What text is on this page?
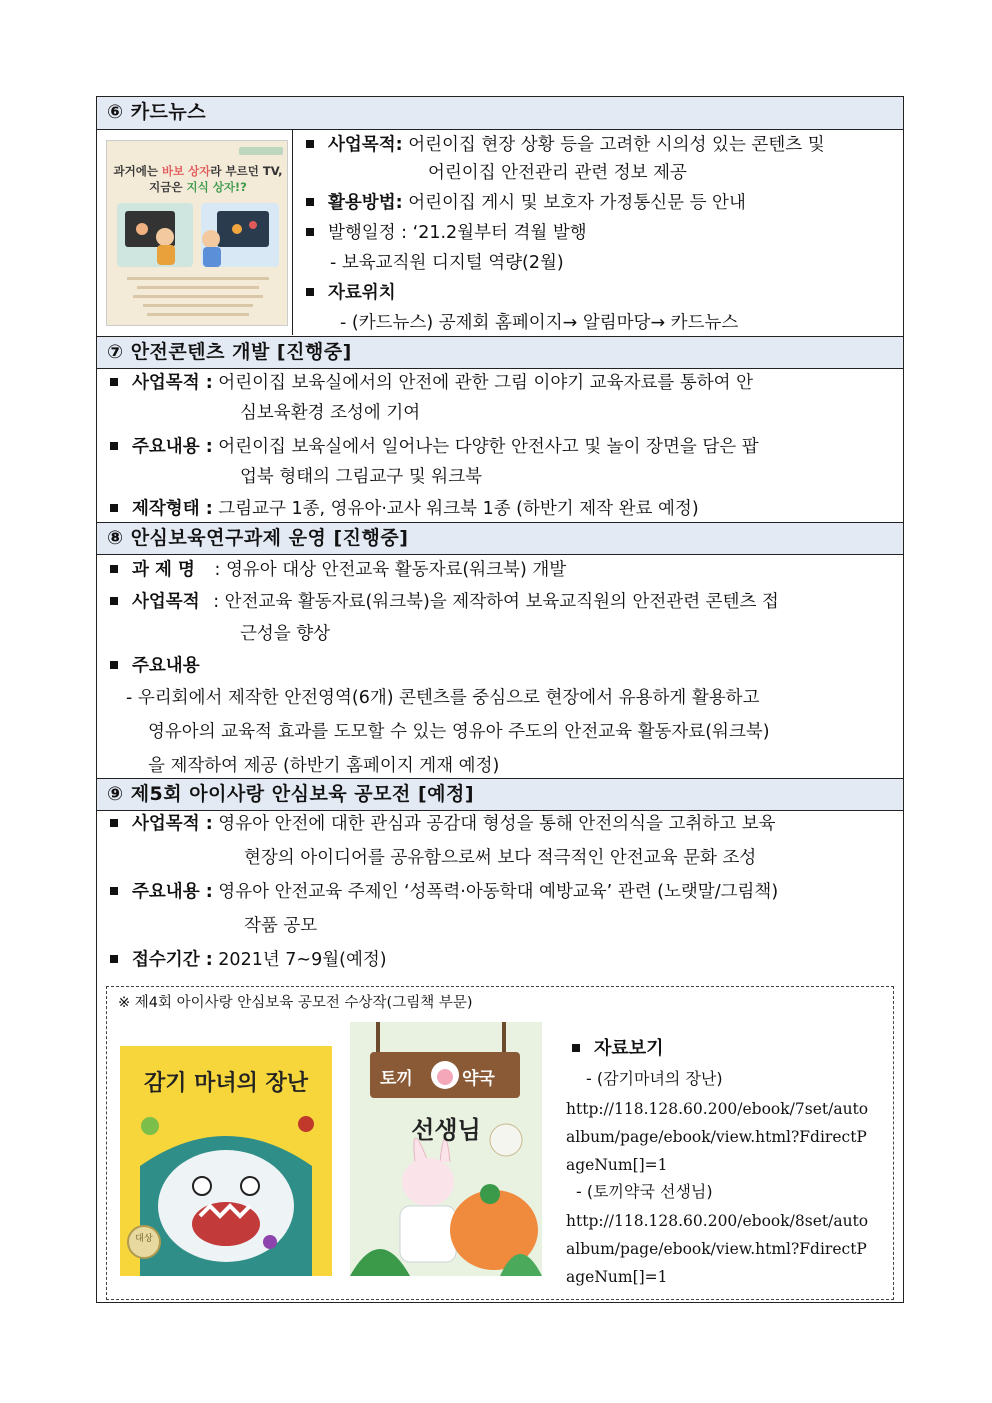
⑥ 카드뉴스
⑦ 안전콘텐츠 개발 [진행중]
⑧ 안심보육연구과제 운영 [진행중]
⑨ 제5회 아이사랑 안심보육 공모전 [예정]
과거에는 바보 상자라 부르던 TV,
지금은 지식 상자!?
사업목적: 어린이집 현장 상황 등을 고려한 시의성 있는 콘텐츠 및
어린이집 안전관리 관련 정보 제공
활용방법: 어린이집 게시 및 보호자 가정통신문 등 안내
발행일정 : ‘21.2월부터 격월 발행
- 보육교직원 디지털 역량(2월)
자료위치
- (카드뉴스) 공제회 홈페이지→ 알림마당→ 카드뉴스
사업목적 : 어린이집 보육실에서의 안전에 관한 그림 이야기 교육자료를 통하여 안
심보육환경 조성에 기여
주요내용 : 어린이집 보육실에서 일어나는 다양한 안전사고 및 놀이 장면을 담은 팝
업북 형태의 그림교구 및 워크북
제작형태 : 그림교구 1종, 영유아·교사 워크북 1종 (하반기 제작 완료 예정)
과 제 명 : 영유아 대상 안전교육 활동자료(워크북) 개발
사업목적 : 안전교육 활동자료(워크북)을 제작하여 보육교직원의 안전관련 콘텐츠 접
근성을 향상
주요내용
- 우리회에서 제작한 안전영역(6개) 콘텐츠를 중심으로 현장에서 유용하게 활용하고
영유아의 교육적 효과를 도모할 수 있는 영유아 주도의 안전교육 활동자료(워크북)
을 제작하여 제공 (하반기 홈페이지 게재 예정)
사업목적 : 영유아 안전에 대한 관심과 공감대 형성을 통해 안전의식을 고취하고 보육
현장의 아이디어를 공유함으로써 보다 적극적인 안전교육 문화 조성
주요내용 : 영유아 안전교육 주제인 ‘성폭력·아동학대 예방교육’ 관련 (노랫말/그림책)
작품 공모
접수기간 : 2021년 7~9월(예정)
※ 제4회 아이사랑 안심보육 공모전 수상작(그림책 부문)
감기 마녀의 장난
대상
토끼	약국
선생님
자료보기
- (감기마녀의 장난)
http://118.128.60.200/ebook/7set/auto
album/page/ebook/view.html?FdirectP
ageNum[]=1
- (토끼약국 선생님)
http://118.128.60.200/ebook/8set/auto
album/page/ebook/view.html?FdirectP
ageNum[]=1
